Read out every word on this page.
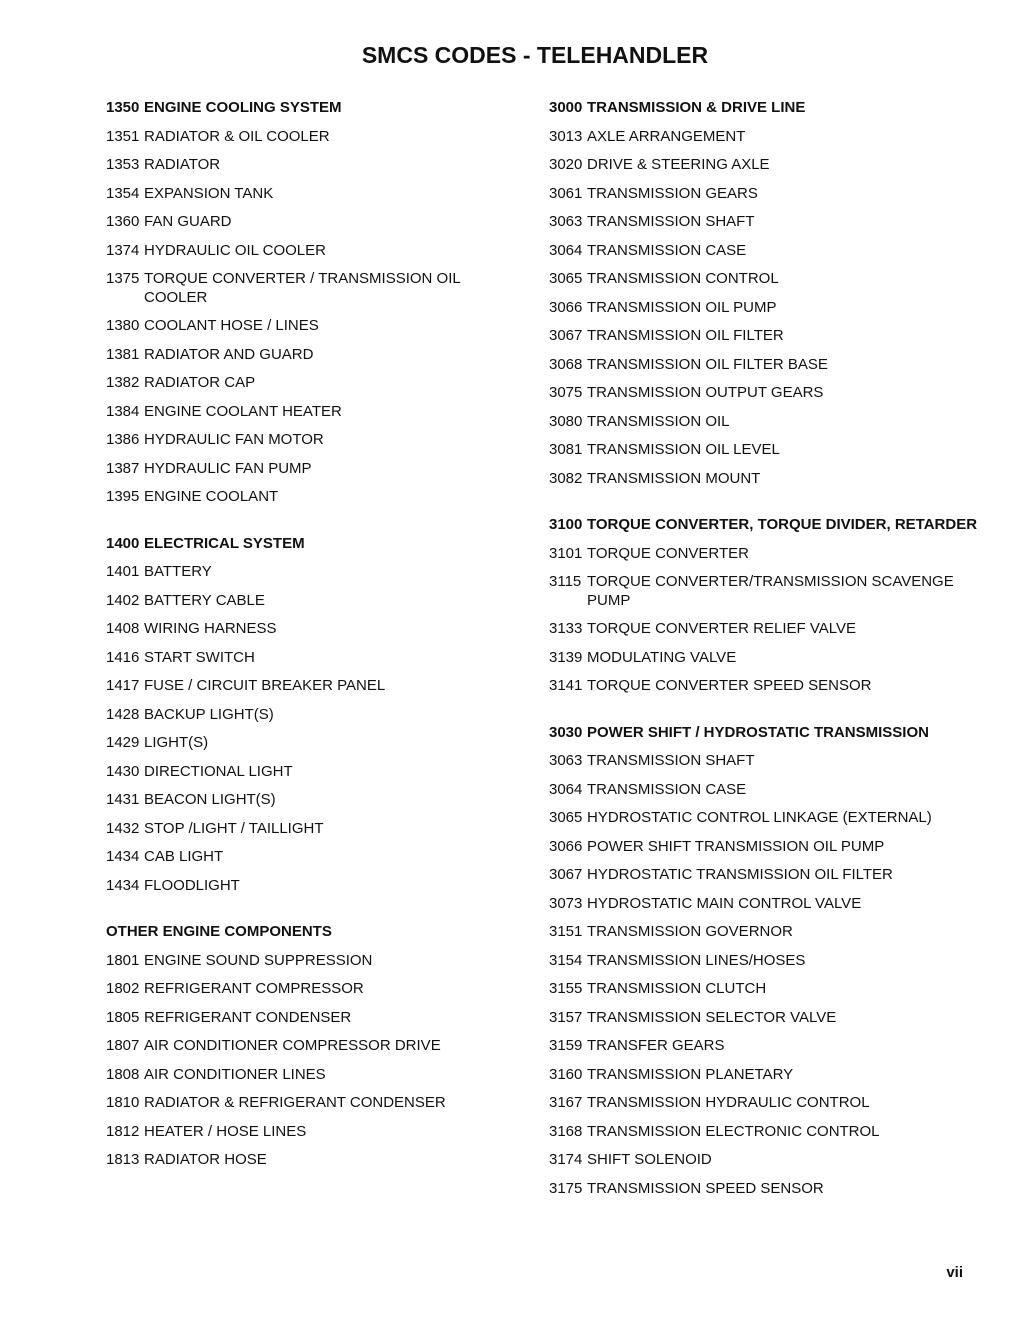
SMCS CODES - TELEHANDLER
1350 ENGINE COOLING SYSTEM
1351 RADIATOR & OIL COOLER
1353 RADIATOR
1354 EXPANSION TANK
1360 FAN GUARD
1374 HYDRAULIC OIL COOLER
1375 TORQUE CONVERTER / TRANSMISSION OIL COOLER
1380 COOLANT HOSE / LINES
1381 RADIATOR AND GUARD
1382 RADIATOR CAP
1384 ENGINE COOLANT HEATER
1386 HYDRAULIC FAN MOTOR
1387 HYDRAULIC FAN PUMP
1395 ENGINE COOLANT
1400 ELECTRICAL SYSTEM
1401 BATTERY
1402 BATTERY CABLE
1408 WIRING HARNESS
1416 START SWITCH
1417 FUSE / CIRCUIT BREAKER PANEL
1428 BACKUP LIGHT(S)
1429 LIGHT(S)
1430 DIRECTIONAL LIGHT
1431 BEACON LIGHT(S)
1432 STOP /LIGHT / TAILLIGHT
1434 CAB LIGHT
1434 FLOODLIGHT
OTHER ENGINE COMPONENTS
1801 ENGINE SOUND SUPPRESSION
1802 REFRIGERANT COMPRESSOR
1805 REFRIGERANT CONDENSER
1807 AIR CONDITIONER COMPRESSOR DRIVE
1808 AIR CONDITIONER LINES
1810 RADIATOR & REFRIGERANT CONDENSER
1812 HEATER / HOSE LINES
1813 RADIATOR HOSE
3000 TRANSMISSION & DRIVE LINE
3013 AXLE ARRANGEMENT
3020 DRIVE & STEERING AXLE
3061 TRANSMISSION GEARS
3063 TRANSMISSION SHAFT
3064 TRANSMISSION CASE
3065 TRANSMISSION CONTROL
3066 TRANSMISSION OIL PUMP
3067 TRANSMISSION OIL FILTER
3068 TRANSMISSION OIL FILTER BASE
3075 TRANSMISSION OUTPUT GEARS
3080 TRANSMISSION OIL
3081 TRANSMISSION OIL LEVEL
3082 TRANSMISSION MOUNT
3100 TORQUE CONVERTER, TORQUE DIVIDER, RETARDER
3101 TORQUE CONVERTER
3115 TORQUE CONVERTER/TRANSMISSION SCAVENGE PUMP
3133 TORQUE CONVERTER RELIEF VALVE
3139 MODULATING VALVE
3141 TORQUE CONVERTER SPEED SENSOR
3030 POWER SHIFT / HYDROSTATIC TRANSMISSION
3063 TRANSMISSION SHAFT
3064 TRANSMISSION CASE
3065 HYDROSTATIC CONTROL LINKAGE (EXTERNAL)
3066 POWER SHIFT TRANSMISSION OIL PUMP
3067 HYDROSTATIC TRANSMISSION OIL FILTER
3073 HYDROSTATIC MAIN CONTROL VALVE
3151 TRANSMISSION GOVERNOR
3154 TRANSMISSION LINES/HOSES
3155 TRANSMISSION CLUTCH
3157 TRANSMISSION SELECTOR VALVE
3159 TRANSFER GEARS
3160 TRANSMISSION PLANETARY
3167 TRANSMISSION HYDRAULIC CONTROL
3168 TRANSMISSION ELECTRONIC CONTROL
3174 SHIFT SOLENOID
3175 TRANSMISSION SPEED SENSOR
vii
